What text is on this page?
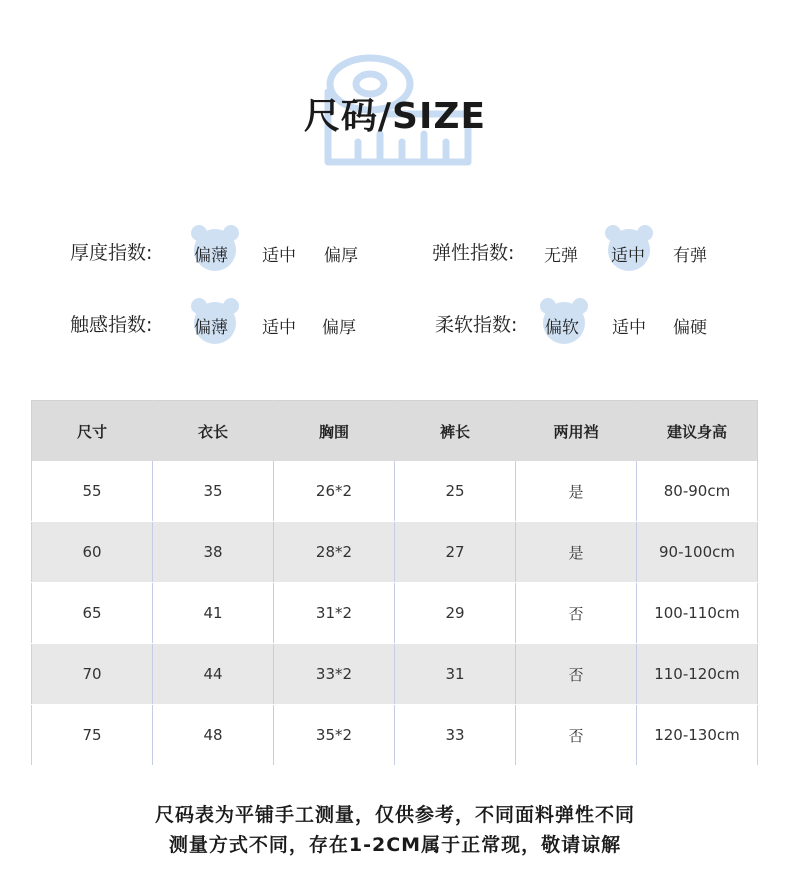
尺码/SIZE
厚度指数: 偏薄 适中 偏厚	弹性指数: 无弹 适中 有弹
触感指数: 偏薄 适中 偏厚	柔软指数: 偏软 适中 偏硬
尺寸	衣长	胸围	裤长	两用裆	建议身高
55	35	26*2	25	是	80-90cm
60	38	28*2	27	是	90-100cm
65	41	31*2	29	否	100-110cm
70	44	33*2	31	否	110-120cm
75	48	35*2	33	否	120-130cm
尺码表为平铺手工测量，仅供参考，不同面料弹性不同
测量方式不同，存在1-2CM属于正常现，敬请谅解
